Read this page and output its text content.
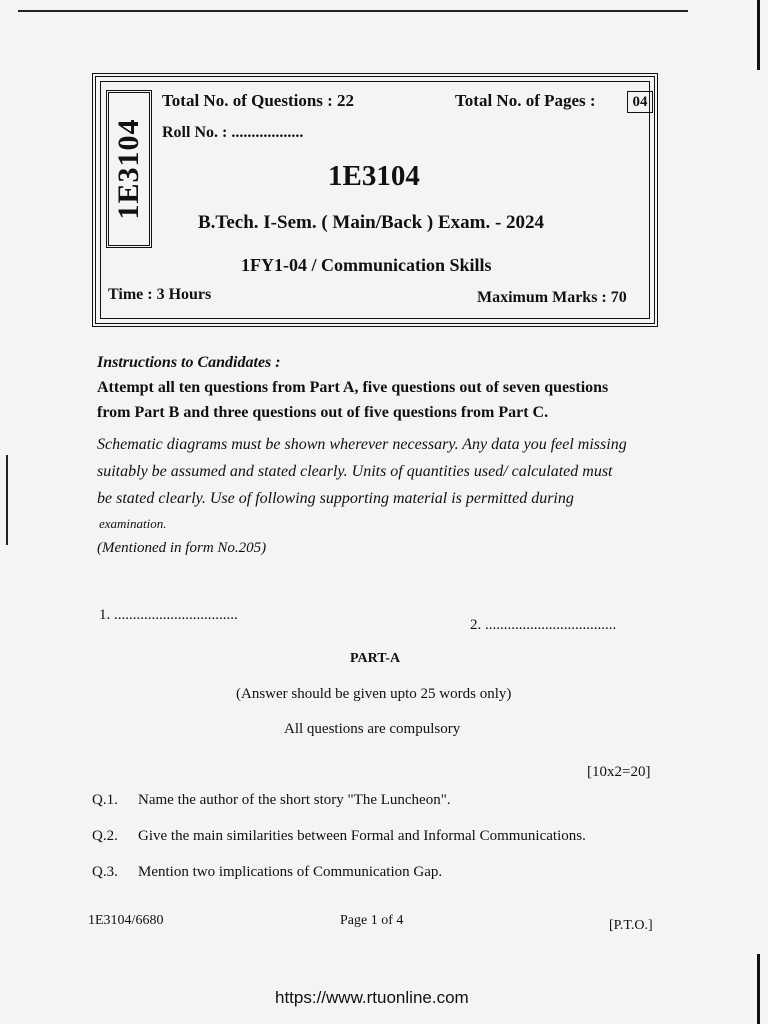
1E3104
Total No. of Questions : 22	Total No. of Pages :	04
Roll No. : ..................
1E3104
B.Tech. I-Sem. ( Main/Back ) Exam. - 2024
1FY1-04 / Communication Skills
Time : 3 Hours	Maximum Marks : 70
Instructions to Candidates :
Attempt all ten questions from Part A, five questions out of seven questions
from Part B and three questions out of five questions from Part C.
Schematic diagrams must be shown wherever necessary. Any data you feel missing
suitably be assumed and stated clearly. Units of quantities used/ calculated must
be stated clearly. Use of following supporting material is permitted during
examination.
(Mentioned in form No.205)
1. .................................
2. ...................................
PART-A
(Answer should be given upto 25 words only)
All questions are compulsory
[10x2=20]
Q.1. Name the author of the short story "The Luncheon".
Q.2. Give the main similarities between Formal and Informal Communications.
Q.3. Mention two implications of Communication Gap.
1E3104/6680	Page 1 of 4	[P.T.O.]
https://www.rtuonline.com
